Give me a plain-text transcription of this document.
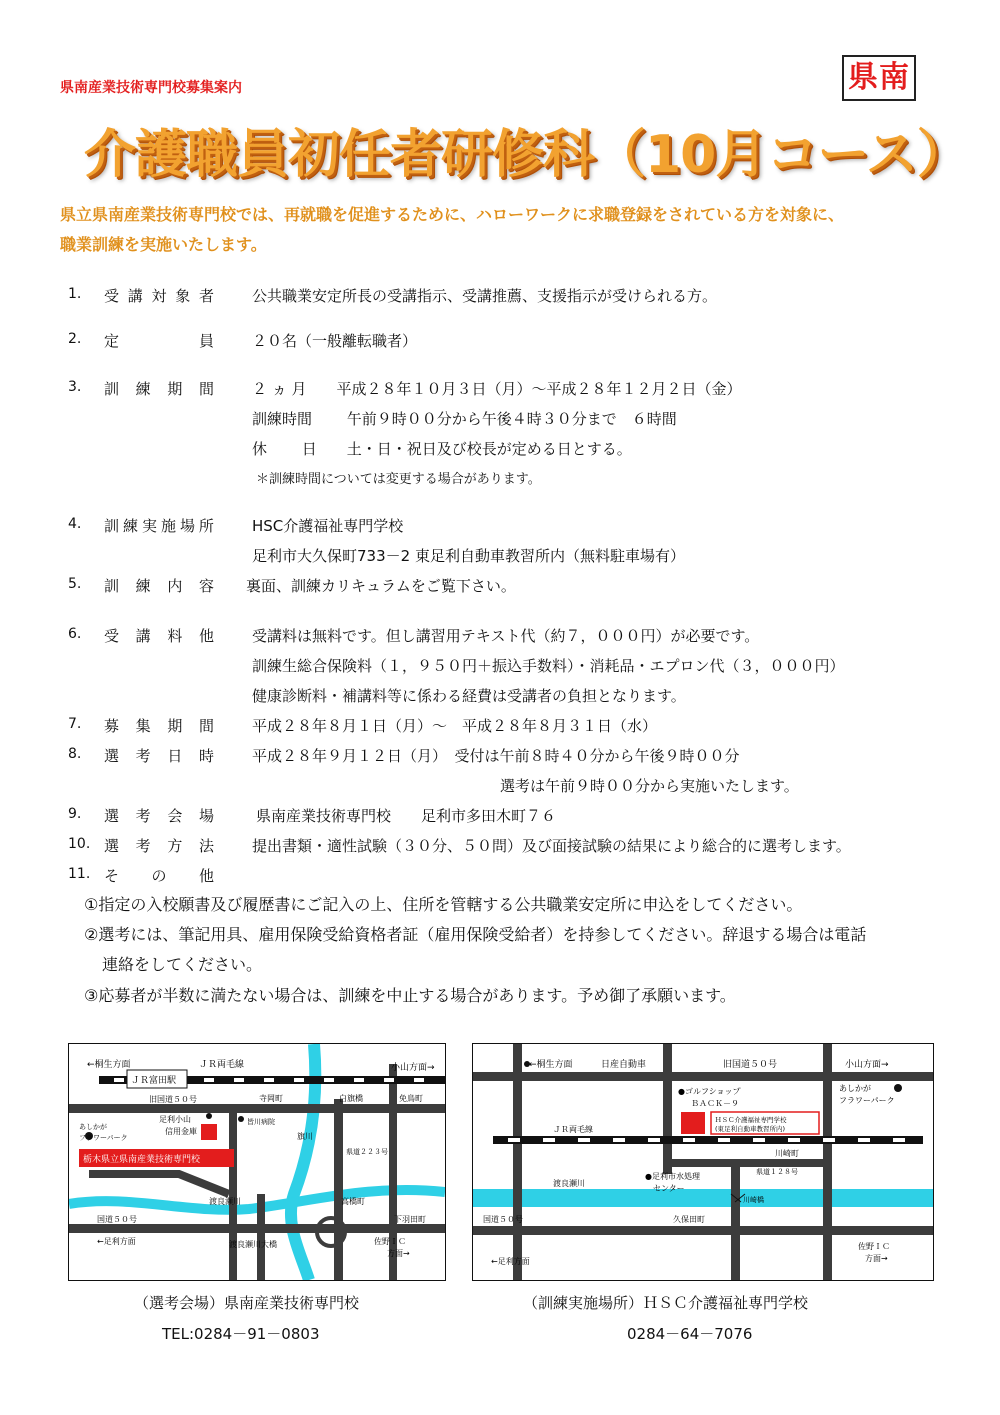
県南産業技術専門校募集案内	県南
介護職員初任者研修科（10月コース）
県立県南産業技術専門校では、再就職を促進するために、ハローワークに求職登録をされている方を対象に、
職業訓練を実施いたします。
1. 受 講 対 象 者	公共職業安定所長の受講指示、受講推薦、支援指示が受けられる方。
2. 定	員	２０名（一般離転職者）
3. 訓 練 期 間	２ ヵ 月　　平成２８年１０月３日（月）～平成２８年１２月２日（金）
訓練時間　　 午前９時００分から午後４時３０分まで　６時間
休　　 日　　土・日・祝日及び校長が定める日とする。
＊訓練時間については変更する場合があります。
4. 訓 練 実 施 場 所	HSC介護福祉専門学校
足利市大久保町733－2 東足利自動車教習所内（無料駐車場有）
5. 訓 練 内 容 裏面、訓練カリキュラムをご覧下さい。
6. 受 講 料 他	受講料は無料です。但し講習用テキスト代（約７，０００円）が必要です。
訓練生総合保険料（１，９５０円＋振込手数料）・消耗品・エプロン代（３，０００円）
健康診断料・補講料等に係わる経費は受講者の負担となります。
7. 募 集 期 間	平成２８年８月１日（月）～　平成２８年８月３１日（水）
8. 選 考 日 時	平成２８年９月１２日（月）　受付は午前８時４０分から午後９時００分
選考は午前９時００分から実施いたします。
9. 選 考 会 場	県南産業技術専門校　　足利市多田木町７６
10. 選 考 方 法	提出書類・適性試験（３０分、５０問）及び面接試験の結果により総合的に選考します。
11. そ の 他
①指定の入校願書及び履歴書にご記入の上、住所を管轄する公共職業安定所に申込をしてください。
②選考には、筆記用具、雇用保険受給資格者証（雇用保険受給者）を持参してください。辞退する場合は電話
連絡をしてください。
③応募者が半数に満たない場合は、訓練を中止する場合があります。予め御了承願います。
←桐生方面	ＪＲ両毛線
ＪＲ富田駅
小山方面→
旧国道５０号	寺岡町	白旗橋	免鳥町
あしかが
フラワーパーク
足利小山
信用金庫
皆川病院
栃木県立県南産業技術専門校
旗川
県道２２３号
渡良瀬川	高橋町
国道５０号	下羽田町
←足利方面	渡良瀬川大橋	佐野ＩＣ
方面→
←桐生方面	日産自動車	旧国道５０号	小山方面→
●ゴルフショップ
ＢＡＣＫ－９
あしかが
フラワーパーク
ＪＲ両毛線
ＨＳＣ介護福祉専門学校
(東足利自動車教習所内)
川崎町
●足利市水処理
センター
渡良瀬川
県道１２８号
川崎橋
国道５０号	久保田町
佐野ＩＣ
方面→
←足利方面
（選考会場）県南産業技術専門校
TEL:0284－91－0803
（訓練実施場所）ＨＳＣ介護福祉専門学校
0284－64－7076
